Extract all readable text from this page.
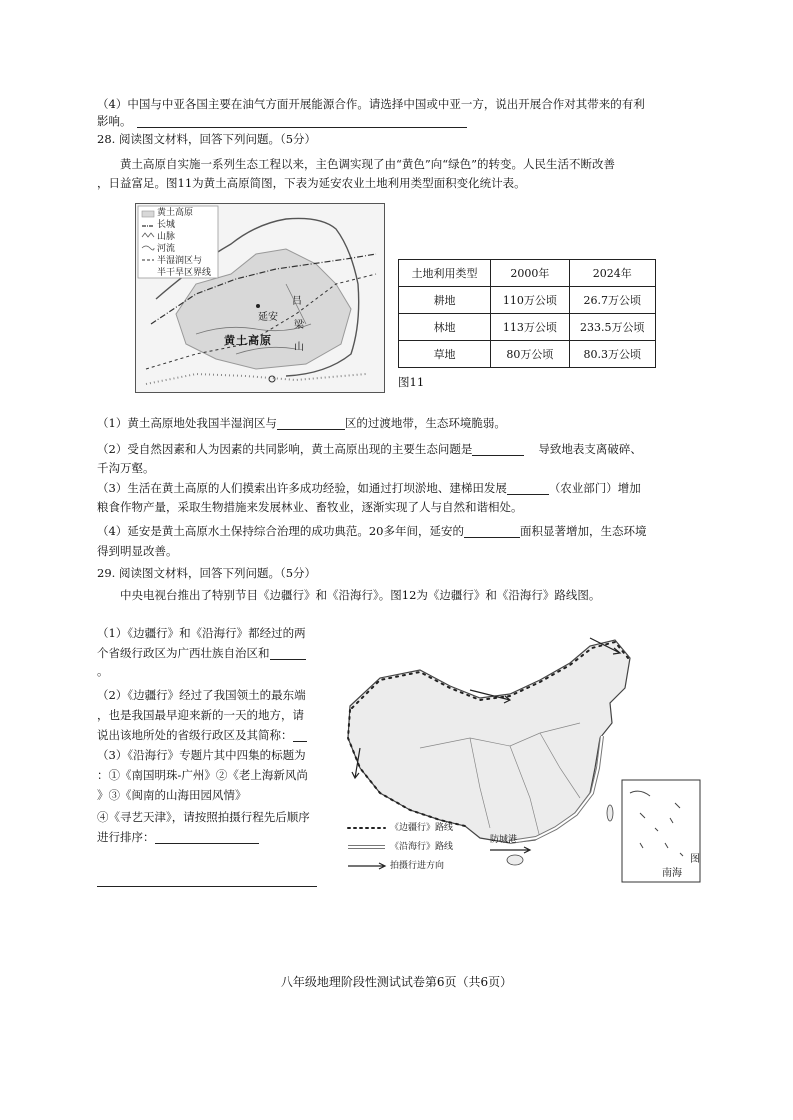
（4）中国与中亚各国主要在油气方面开展能源合作。请选择中国或中亚一方，说出开展合作对其带来的有利
影响。
28. 阅读图文材料，回答下列问题。（5分）
黄土高原自实施一系列生态工程以来，主色调实现了由“黄色”向“绿色”的转变。人民生活不断改善
，日益富足。图11为黄土高原简图，下表为延安农业土地利用类型面积变化统计表。
黄土高原
长城
山脉
河流
半湿润区与
半干旱区界线
延安
黄土高原
吕
梁
山
土地利用类型	2000年	2024年
耕地	110万公顷	26.7万公顷
林地	113万公顷	233.5万公顷
草地	80万公顷	80.3万公顷
图11
（1）黄土高原地处我国半湿润区与	区的过渡地带，生态环境脆弱。
（2）受自然因素和人为因素的共同影响，黄土高原出现的主要生态问题是	导致地表支离破碎、
千沟万壑。
（3）生活在黄土高原的人们摸索出许多成功经验，如通过打坝淤地、建梯田发展	（农业部门）增加
粮食作物产量，采取生物措施来发展林业、畜牧业，逐渐实现了人与自然和谐相处。
（4）延安是黄土高原水土保持综合治理的成功典范。20多年间，延安的	面积显著增加，生态环境
得到明显改善。
29. 阅读图文材料，回答下列问题。（5分）
中央电视台推出了特别节目《边疆行》和《沿海行》。图12为《边疆行》和《沿海行》路线图。
（1）《边疆行》和《沿海行》都经过的两
个省级行政区为广西壮族自治区和
。
（2）《边疆行》经过了我国领土的最东端
，也是我国最早迎来新的一天的地方，请
说出该地所处的省级行政区及其简称：
（3）《沿海行》专题片其中四集的标题为
：①《南国明珠-广州》②《老上海新风尚
》③《闽南的山海田园风情》
④《寻艺天津》，请按照拍摄行程先后顺序
进行排序：
《边疆行》路线
《沿海行》路线
拍摄行进方向
防城港
南海
图
八年级地理阶段性测试试卷第6页（共6页）
